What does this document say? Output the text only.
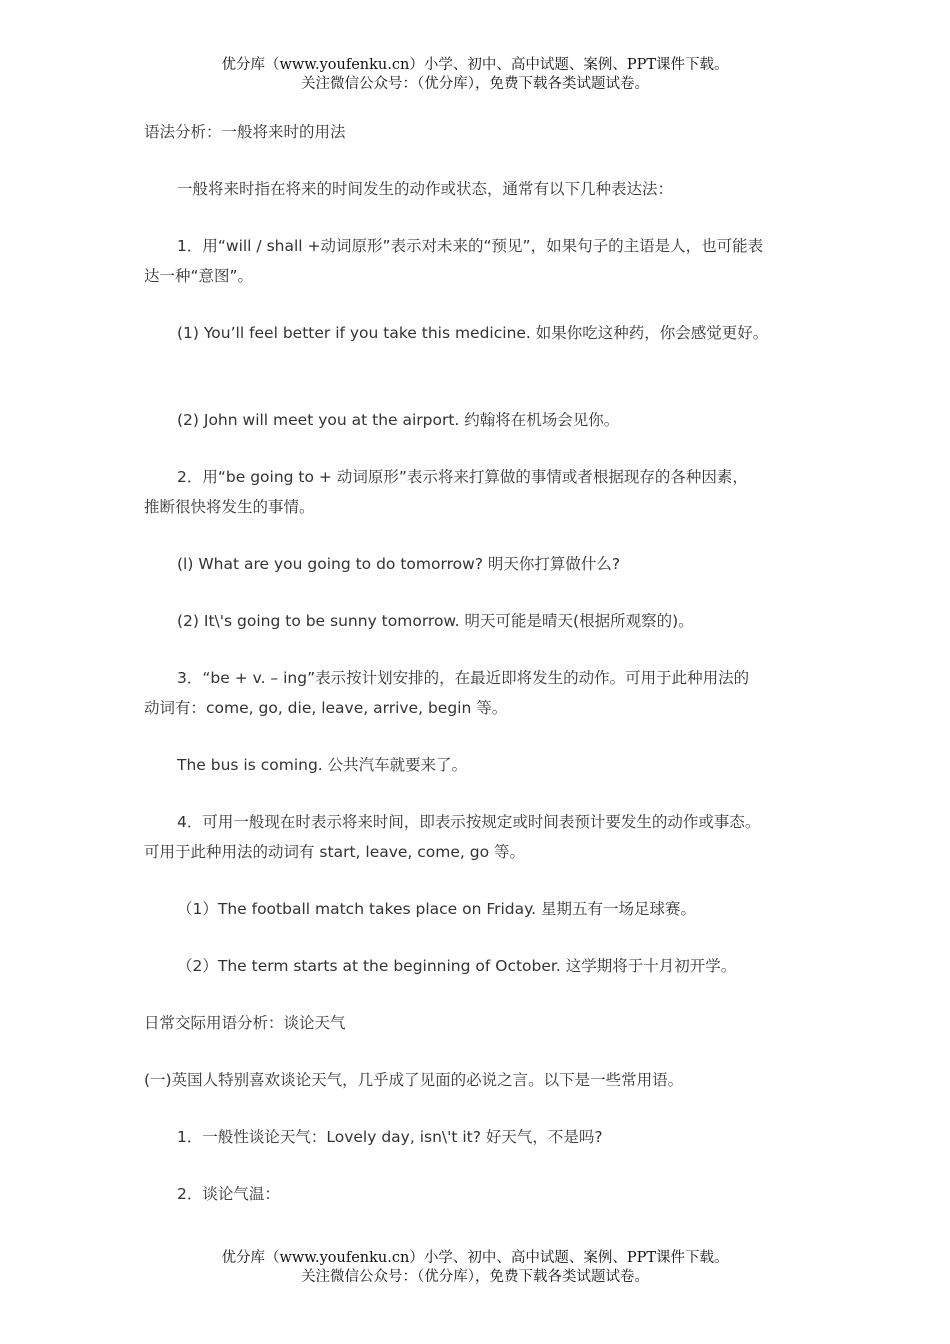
优分库（www.youfenku.cn）小学、初中、高中试题、案例、PPT课件下载。
关注微信公众号：（优分库），免费下载各类试题试卷。

语法分析：一般将来时的用法

一般将来时指在将来的时间发生的动作或状态，通常有以下几种表达法：

1．用“will / shall +动词原形”表示对未来的“预见”，如果句子的主语是人，也可能表

达一种“意图”。

(1) You’ll feel better if you take this medicine. 如果你吃这种药，你会感觉更好。

(2) John will meet you at the airport. 约翰将在机场会见你。

2．用“be going to + 动词原形”表示将来打算做的事情或者根据现存的各种因素，

推断很快将发生的事情。

(l) What are you going to do tomorrow? 明天你打算做什么?

(2) It\'s going to be sunny tomorrow. 明天可能是晴天(根据所观察的)。

3．“be + v. – ing”表示按计划安排的，在最近即将发生的动作。可用于此种用法的

动词有：come, go, die, leave, arrive, begin 等。

The bus is coming. 公共汽车就要来了。

4．可用一般现在时表示将来时间，即表示按规定或时间表预计要发生的动作或事态。

可用于此种用法的动词有 start, leave, come, go 等。

（1）The football match takes place on Friday. 星期五有一场足球赛。

（2）The term starts at the beginning of October. 这学期将于十月初开学。

日常交际用语分析：谈论天气

(一)英国人特别喜欢谈论天气，几乎成了见面的必说之言。以下是一些常用语。

1．一般性谈论天气：Lovely day, isn\'t it? 好天气，不是吗?

2．谈论气温：

优分库（www.youfenku.cn）小学、初中、高中试题、案例、PPT课件下载。
关注微信公众号：（优分库），免费下载各类试题试卷。
